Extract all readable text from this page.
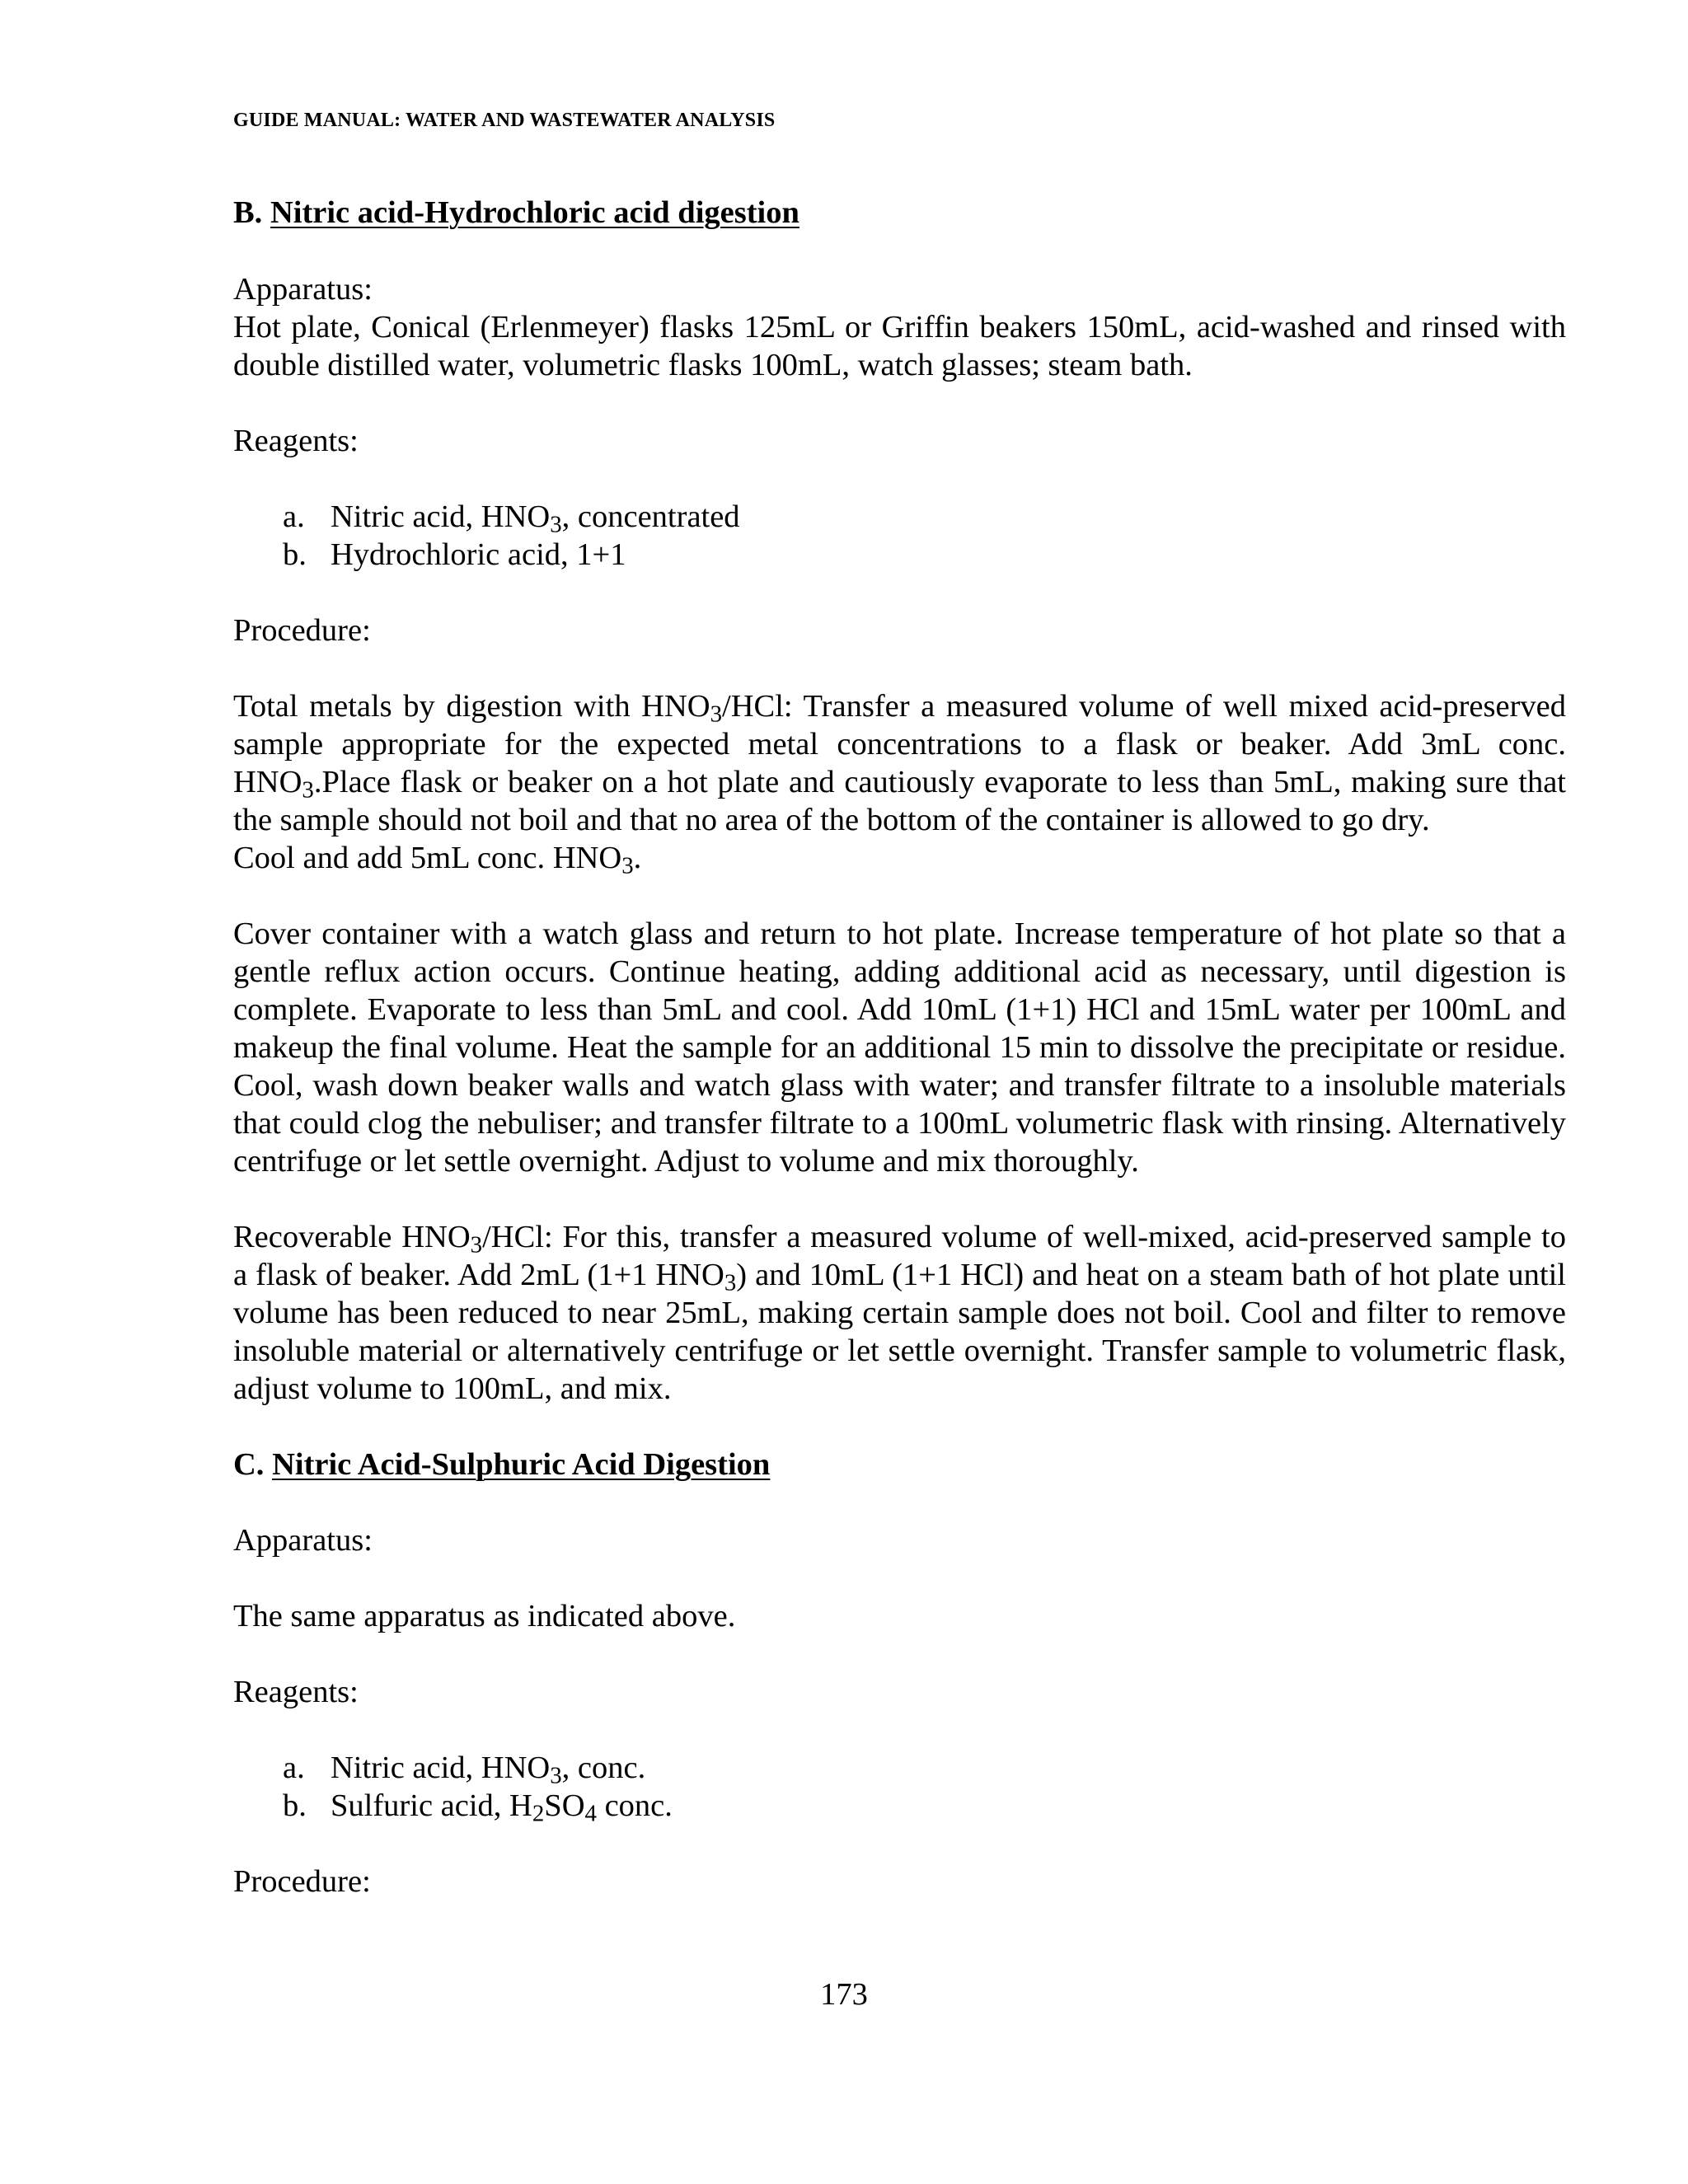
GUIDE MANUAL: WATER AND WASTEWATER ANALYSIS
B. Nitric acid-Hydrochloric acid digestion

Apparatus:

Hot plate, Conical (Erlenmeyer) flasks 125mL or Griffin beakers 150mL, acid-washed and rinsed with double distilled water, volumetric flasks 100mL, watch glasses; steam bath.

Reagents:

a. Nitric acid, $HNO_3$, concentrated
b. Hydrochloric acid, 1+1

Procedure:

Total metals by digestion with $HNO_3$/HCl: Transfer a measured volume of well mixed acid-preserved sample appropriate for the expected metal concentrations to a flask or beaker. Add 3mL conc. $HNO_3.Place$ flask or beaker on a hot plate and cautiously evaporate to less than 5mL, making sure that the sample should not boil and that no area of the bottom of the container is allowed to go dry.

Cool and add 5mL conc. $HNO_3$.

Cover container with a watch glass and return to hot plate. Increase temperature of hot plate so that a gentle reflux action occurs. Continue heating, adding additional acid as necessary, until digestion is complete. Evaporate to less than 5mL and cool. Add 10mL (1+1) HCl and 15mL water per 100mL and makeup the final volume. Heat the sample for an additional 15 min to dissolve the precipitate or residue. Cool, wash down beaker walls and watch glass with water; and transfer filtrate to a insoluble materials that could clog the nebuliser; and transfer filtrate to a 100mL volumetric flask with rinsing. Alternatively centrifuge or let settle overnight. Adjust to volume and mix thoroughly.

Recoverable $HNO_3$/HCl: For this, transfer a measured volume of well-mixed, acid-preserved sample to a flask of beaker. Add 2mL (1+1 $HNO_3$) and 10mL (1+1 HCl) and heat on a steam bath of hot plate until volume has been reduced to near 25mL, making certain sample does not boil. Cool and filter to remove insoluble material or alternatively centrifuge or let settle overnight. Transfer sample to volumetric flask, adjust volume to 100mL, and mix.

C. Nitric Acid-Sulphuric Acid Digestion

Apparatus:

The same apparatus as indicated above.

Reagents:

a. Nitric acid, $HNO_3$, conc.
b. Sulfuric acid, $H_2SO_4$ conc.

Procedure:

173
